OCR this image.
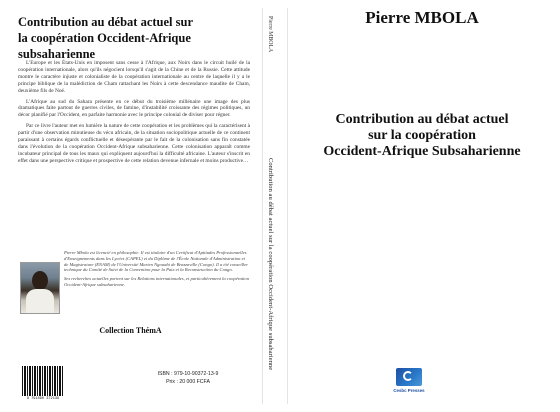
Contribution au débat actuel sur
la coopération Occident-Afrique subsaharienne

L'Europe et les États-Unis en imposent sans cesse à l'Afrique, aux Noirs dans le circuit huilé de la coopération internationale, alors qu'ils négocient lorsqu'il s'agit de la Chine et de la Russie. Cette attitude montre le caractère injuste et colonialiste de la coopération internationale au centre de laquelle il y a le principe biblique de la malédiction de Cham rattachant les Noirs à cette descendance maudite de Cham, deuxième fils de Noé.

L'Afrique au sud du Sahara présente en ce début du troisième millénaire une image des plus dramatiques faite partout de guerres civiles, de famine, d'instabilité croissante des régimes politiques, un décor planifié par l'Occident, en parfaite harmonie avec le principe colonial de diviser pour régner.

Par ce livre l'auteur met en lumière la nature de cette coopération et les problèmes qui la caractérisent à partir d'une observation minutieuse du vécu africain, de la situation sociopolitique actuelle de ce continent paraissant à certains égards conflictuelle et désespérante par le fait de la colonisation sans fin constatée dans l'évolution de la coopération Occident-Afrique subsaharienne. Cette colonisation apparaît comme incubateur principal de tous les maux qui expliquent aujourd'hui la difficulté africaine. L'auteur s'inscrit en effet dans une perspective critique et prospective de cette relation devenue infernale et moins productive…

Pierre Mbola est licencié en philosophie. Il est titulaire d'un Certificat d'Aptitudes Professionnelles d'Enseignements dans les Lycées (CAPEL) et du Diplôme de l'École Nationale d'Administration et de Magistrature (ENAM) de l'Université Marien Ngouabi de Brazzaville (Congo). Il a été conseiller technique du Comité de Suivi de la Convention pour la Paix et la Reconstruction du Congo.

Ses recherches actuelles portent sur les Relations internationales, et particulièrement la coopération Occident-Afrique subsaharienne.

Collection ThémA
9 791090 372139
ISBN : 979-10-90372-13-9
Prix : 20 000 FCFA
Pierre MBOLA
Contribution au débat actuel sur la coopération Occident-Afrique subsaharienne
Pierre MBOLA
Contribution au débat actuel
sur la coopération
Occident-Afrique Subsaharienne
Cesbc Presses
